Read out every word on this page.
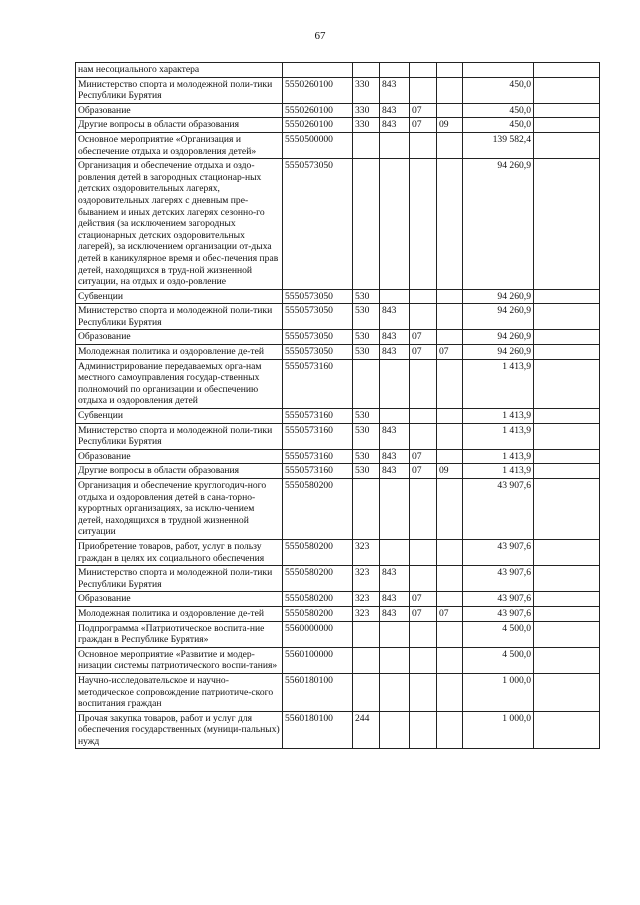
67
нам несоциального характера							
Министерство спорта и молодежной поли-тики Республики Бурятия	5550260100	330	843			450,0	
Образование	5550260100	330	843	07		450,0	
Другие вопросы в области образования	5550260100	330	843	07	09	450,0	
Основное мероприятие «Организация и обеспечение отдыха и оздоровления детей»	5550500000					139 582,4	
Организация и обеспечение отдыха и оздо-ровления детей в загородных стационар-ных детских оздоровительных лагерях, оздоровительных лагерях с дневным пре-быванием и иных детских лагерях сезонно-го действия (за исключением загородных стационарных детских оздоровительных лагерей), за исключением организации от-дыха детей в каникулярное время и обес-печения прав детей, находящихся в труд-ной жизненной ситуации, на отдых и оздо-ровление	5550573050					94 260,9	
Субвенции	5550573050	530				94 260,9	
Министерство спорта и молодежной поли-тики Республики Бурятия	5550573050	530	843			94 260,9	
Образование	5550573050	530	843	07		94 260,9	
Молодежная политика и оздоровление де-тей	5550573050	530	843	07	07	94 260,9	
Администрирование передаваемых орга-нам местного самоуправления государ-ственных полномочий по организации и обеспечению отдыха и оздоровления детей	5550573160					1 413,9	
Субвенции	5550573160	530				1 413,9	
Министерство спорта и молодежной поли-тики Республики Бурятия	5550573160	530	843			1 413,9	
Образование	5550573160	530	843	07		1 413,9	
Другие вопросы в области образования	5550573160	530	843	07	09	1 413,9	
Организация и обеспечение круглогодич-ного отдыха и оздоровления детей в сана-торно-курортных организациях, за исклю-чением детей, находящихся в трудной жизненной ситуации	5550580200					43 907,6	
Приобретение товаров, работ, услуг в пользу граждан в целях их социального обеспечения	5550580200	323				43 907,6	
Министерство спорта и молодежной поли-тики Республики Бурятия	5550580200	323	843			43 907,6	
Образование	5550580200	323	843	07		43 907,6	
Молодежная политика и оздоровление де-тей	5550580200	323	843	07	07	43 907,6	
Подпрограмма «Патриотическое воспита-ние граждан в Республике Бурятия»	5560000000					4 500,0	
Основное мероприятие «Развитие и модер-низации системы патриотического воспи-тания»	5560100000					4 500,0	
Научно-исследовательское и научно-методическое сопровождение патриотиче-ского воспитания граждан	5560180100					1 000,0	
Прочая закупка товаров, работ и услуг для обеспечения государственных (муници-пальных) нужд	5560180100	244				1 000,0	
